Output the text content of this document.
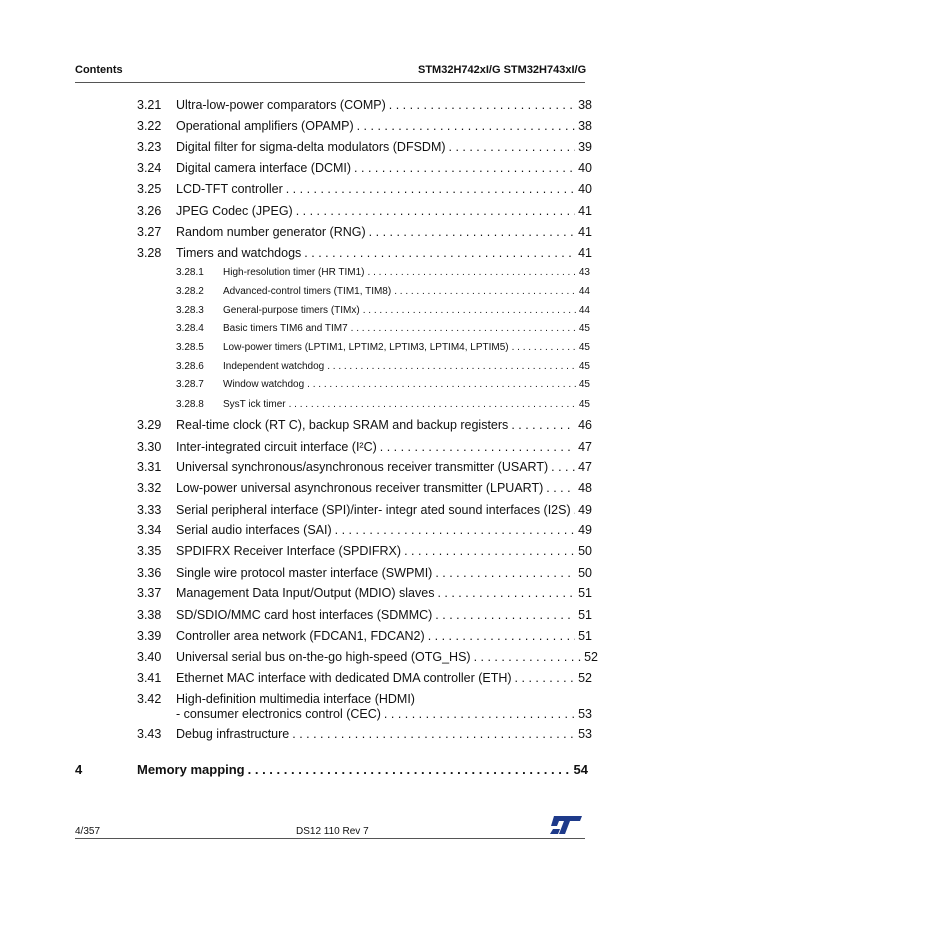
Contents	STM32H742xI/G STM32H743xI/G
3.21 Ultra-low-power comparators (COMP) . . .	38
3.22 Operational amplifiers (OPAMP) . . .	38
3.23 Digital filter for sigma-delta modulators (DFSDM) . . .	39
3.24 Digital camera interface (DCMI) . . .	40
3.25 LCD-TFT controller . . .	40
3.26 JPEG Codec (JPEG) . . .	41
3.27 Random number generator (RNG) . . .	41
3.28 Timers and watchdogs . . .	41
3.28.1 High-resolution timer (HR TIM1) . . .	43
3.28.2 Advanced-control timers (TIM1, TIM8) . . .	44
3.28.3 General-purpose timers (TIMx) . . .	44
3.28.4 Basic timers TIM6 and TIM7 . . .	45
3.28.5 Low-power timers (LPTIM1, LPTIM2, LPTIM3, LPTIM4, LPTIM5) . . .	45
3.28.6 Independent watchdog . . .	45
3.28.7 Window watchdog . . .	45
3.28.8 SysT ick timer . . .	45
3.29 Real-time clock (RT C), backup SRAM and backup registers . . .	46
3.30 Inter-integrated circuit interface (I²C) . . .	47
3.31 Universal synchronous/asynchronous receiver transmitter (USART) . . . 47
3.32 Low-power universal asynchronous receiver transmitter (LPUART) . . .	48
3.33 Serial peripheral interface (SPI)/inter- integr ated sound interfaces (I2S) . . . 49
3.34 Serial audio interfaces (SAI) . . .	49
3.35 SPDIFRX Receiver Interface (SPDIFRX) . . .	50
3.36 Single wire protocol master interface (SWPMI) . . .	50
3.37 Management Data Input/Output (MDIO) slaves . . .	51
3.38 SD/SDIO/MMC card host interfaces (SDMMC) . . .	51
3.39 Controller area network (FDCAN1, FDCAN2) . . .	51
3.40 Universal serial bus on-the-go high-speed (OTG_HS) . . .	52
3.41 Ethernet MAC interface with dedicated DMA controller (ETH) . . .	52
3.42 High-definition multimedia interface (HDMI)
- consumer electronics control (CEC) . . .	53
3.43 Debug infrastructure . . .	53
4	Memory mapping . . .	54
4/357	DS12 110 Rev 7
